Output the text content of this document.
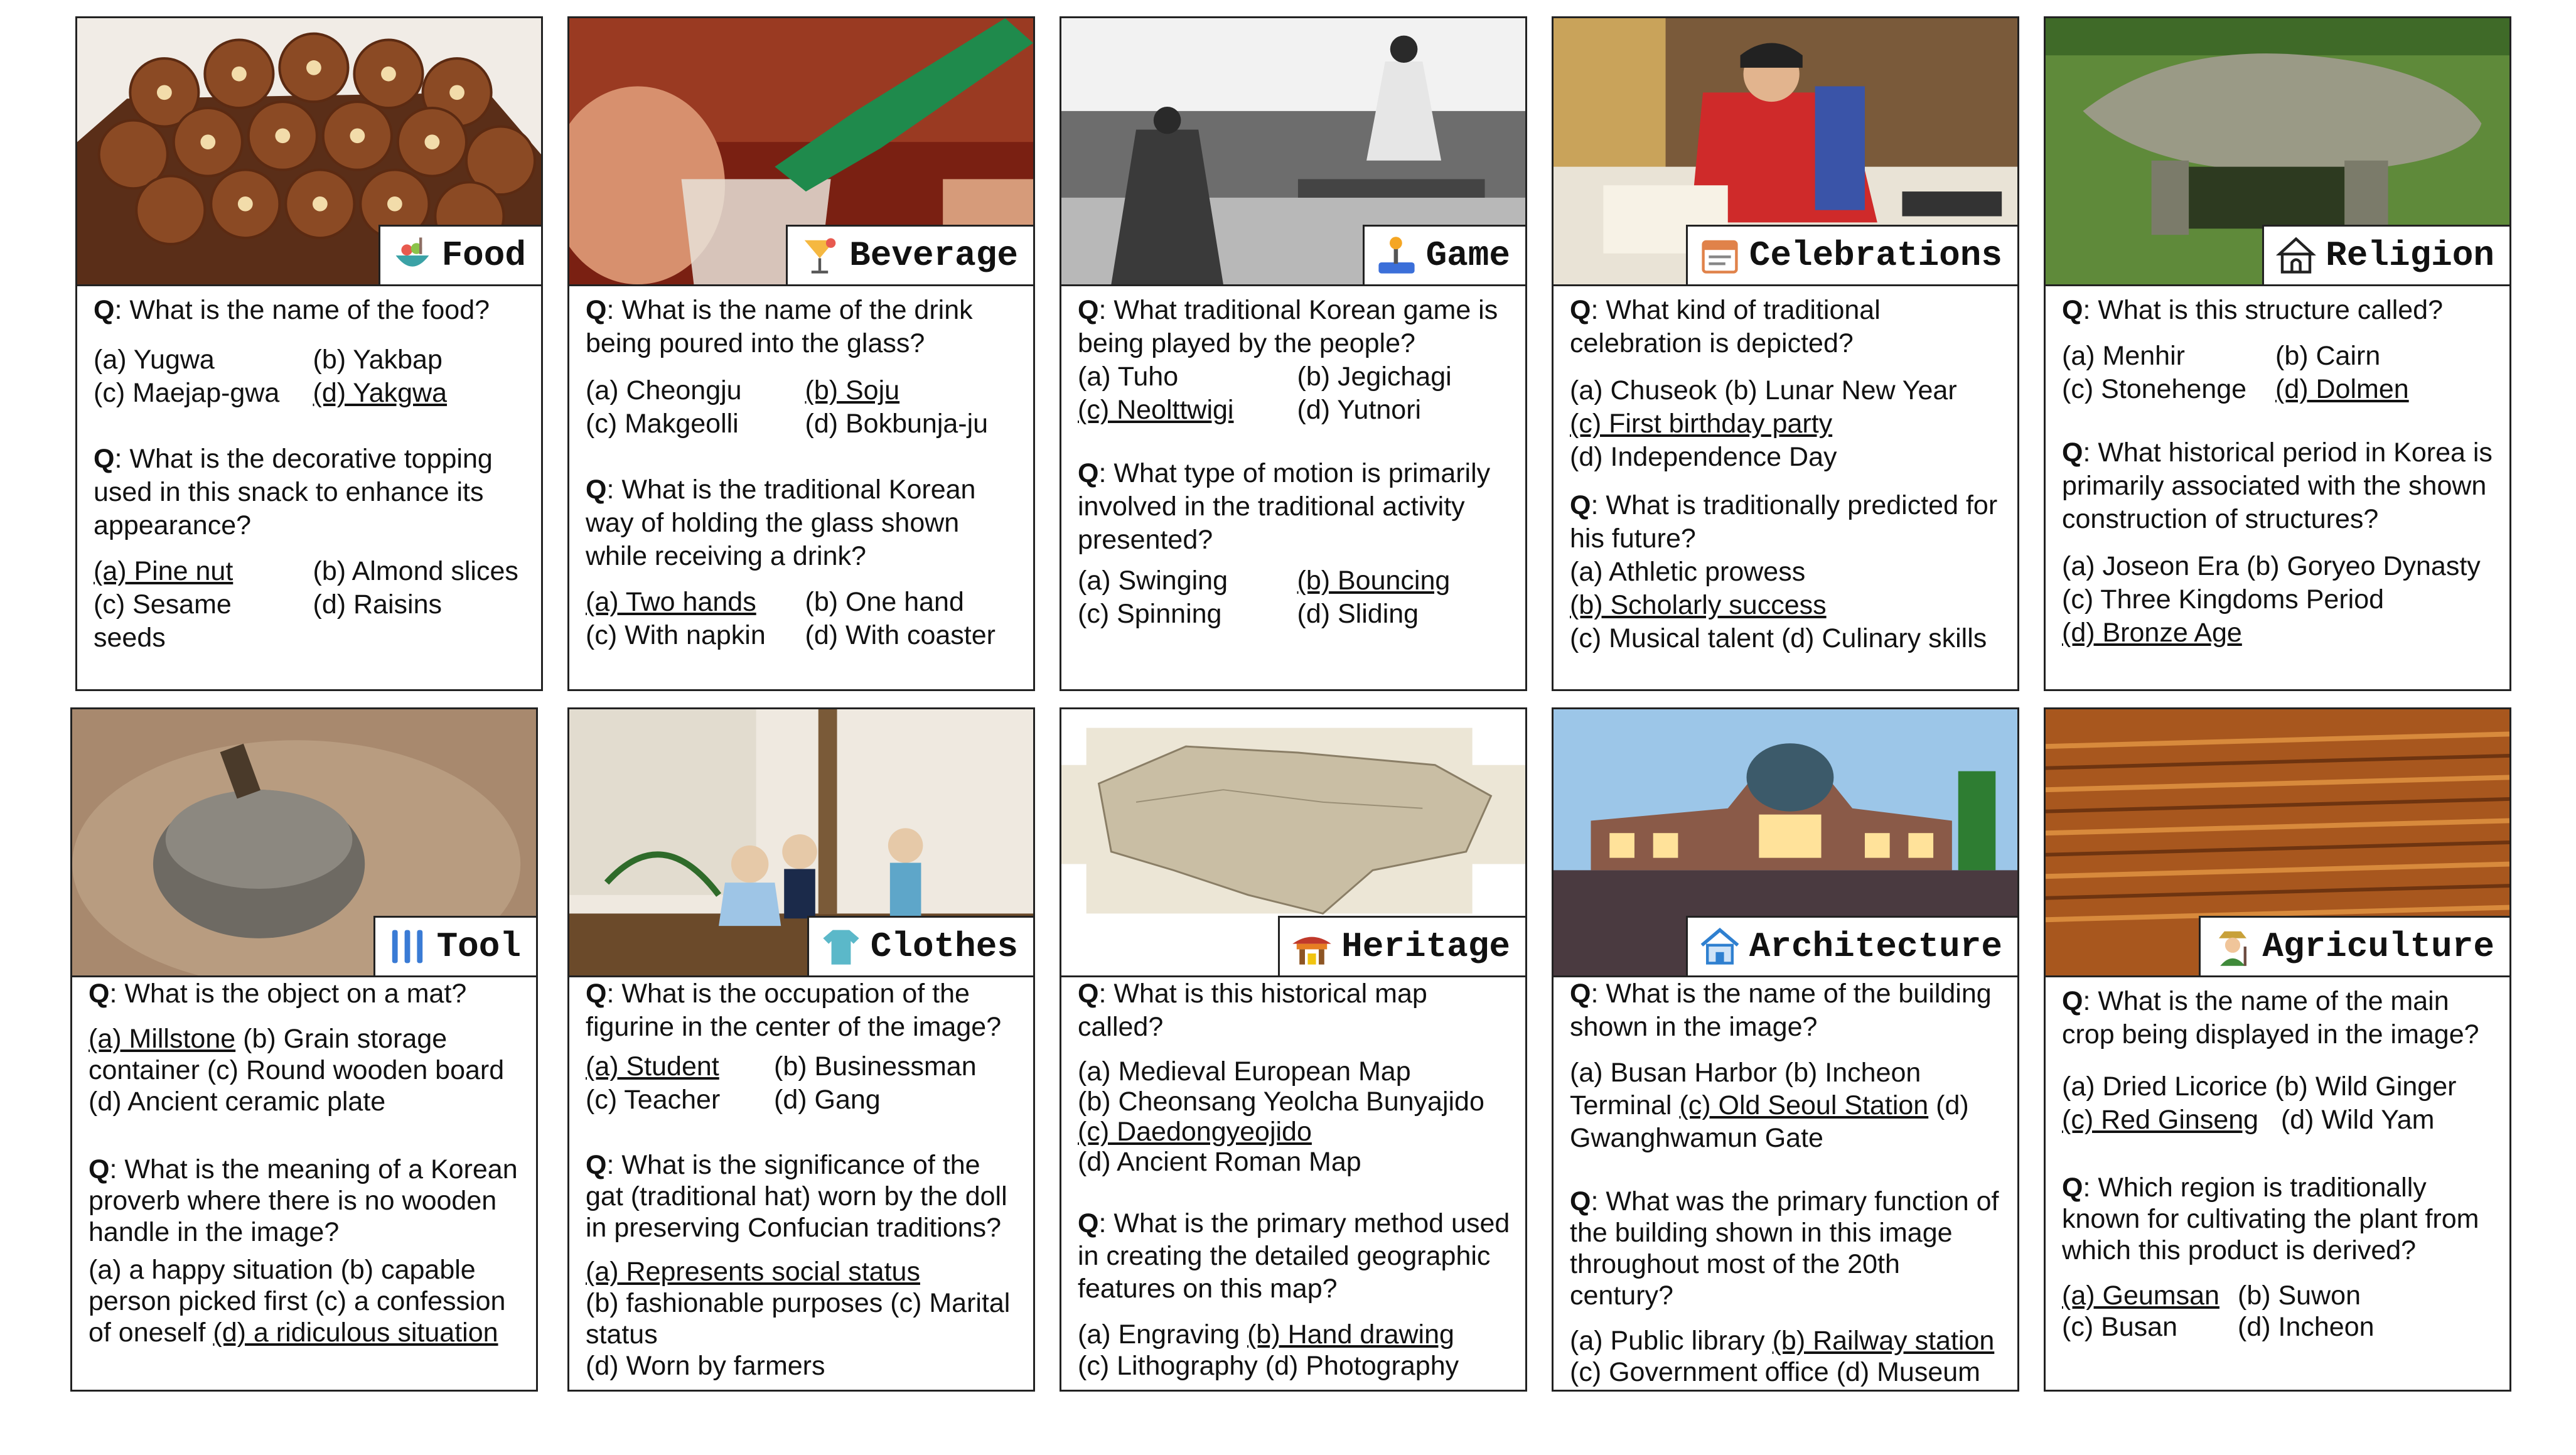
Food

Q: What is the name of the food?

(a) Yugwa	(b) Yakbap
(c) Maejap-gwa	(d) Yakgwa

Q: What is the decorative topping used in this snack to enhance its appearance?

(a) Pine nut	(b) Almond slices
(c) Sesame seeds
(d) Raisins
Beverage

Q: What is the name of the drink being poured into the glass?

(a) Cheongju	(b) Soju
(c) Makgeolli	(d) Bokbunja-ju

Q: What is the traditional Korean way of holding the glass shown while receiving a drink?

(a) Two hands	(b) One hand
(c) With napkin	(d) With coaster
Game

Q: What traditional Korean game is being played by the people?

(a) Tuho	(b) Jegichagi
(c) Neolttwigi	(d) Yutnori

Q: What type of motion is primarily involved in the traditional activity presented?

(a) Swinging	(b) Bouncing
(c) Spinning	(d) Sliding
Celebrations

Q: What kind of traditional celebration is depicted?

(a) Chuseok (b) Lunar New Year
(c) First birthday party
(d) Independence Day

Q: What is traditionally predicted for his future?

(a) Athletic prowess
(b) Scholarly success
(c) Musical talent (d) Culinary skills
Religion

Q: What is this structure called?

(a) Menhir	(b) Cairn
(c) Stonehenge	(d) Dolmen

Q: What historical period in Korea is primarily associated with the shown construction of structures?

(a) Joseon Era (b) Goryeo Dynasty
(c) Three Kingdoms Period
(d) Bronze Age
Tool

Q: What is the object on a mat?

(a) Millstone (b) Grain storage container (c) Round wooden board (d) Ancient ceramic plate

Q: What is the meaning of a Korean proverb where there is no wooden handle in the image?

(a) a happy situation (b) capable person picked first (c) a confession of oneself (d) a ridiculous situation
Clothes

Q: What is the occupation of the figurine in the center of the image?

(a) Student	(b) Businessman
(c) Teacher	(d) Gang

Q: What is the significance of the gat (traditional hat) worn by the doll in preserving Confucian traditions?

(a) Represents social status
(b) fashionable purposes (c) Marital status
(d) Worn by farmers
Heritage

Q: What is this historical map called?

(a) Medieval European Map
(b) Cheonsang Yeolcha Bunyajido
(c) Daedongyeojido
(d) Ancient Roman Map

Q: What is the primary method used in creating the detailed geographic features on this map?

(a) Engraving (b) Hand drawing
(c) Lithography (d) Photography
Architecture

Q: What is the name of the building shown in the image?

(a) Busan Harbor (b) Incheon Terminal (c) Old Seoul Station (d) Gwanghwamun Gate

Q: What was the primary function of the building shown in this image throughout most of the 20th century?

(a) Public library (b) Railway station
(c) Government office (d) Museum
Agriculture

Q: What is the name of the main crop being displayed in the image?

(a) Dried Licorice (b) Wild Ginger
(c) Red Ginseng (d) Wild Yam

Q: Which region is traditionally known for cultivating the plant from which this product is derived?

(a) Geumsan (b) Suwon
(c) Busan	(d) Incheon
